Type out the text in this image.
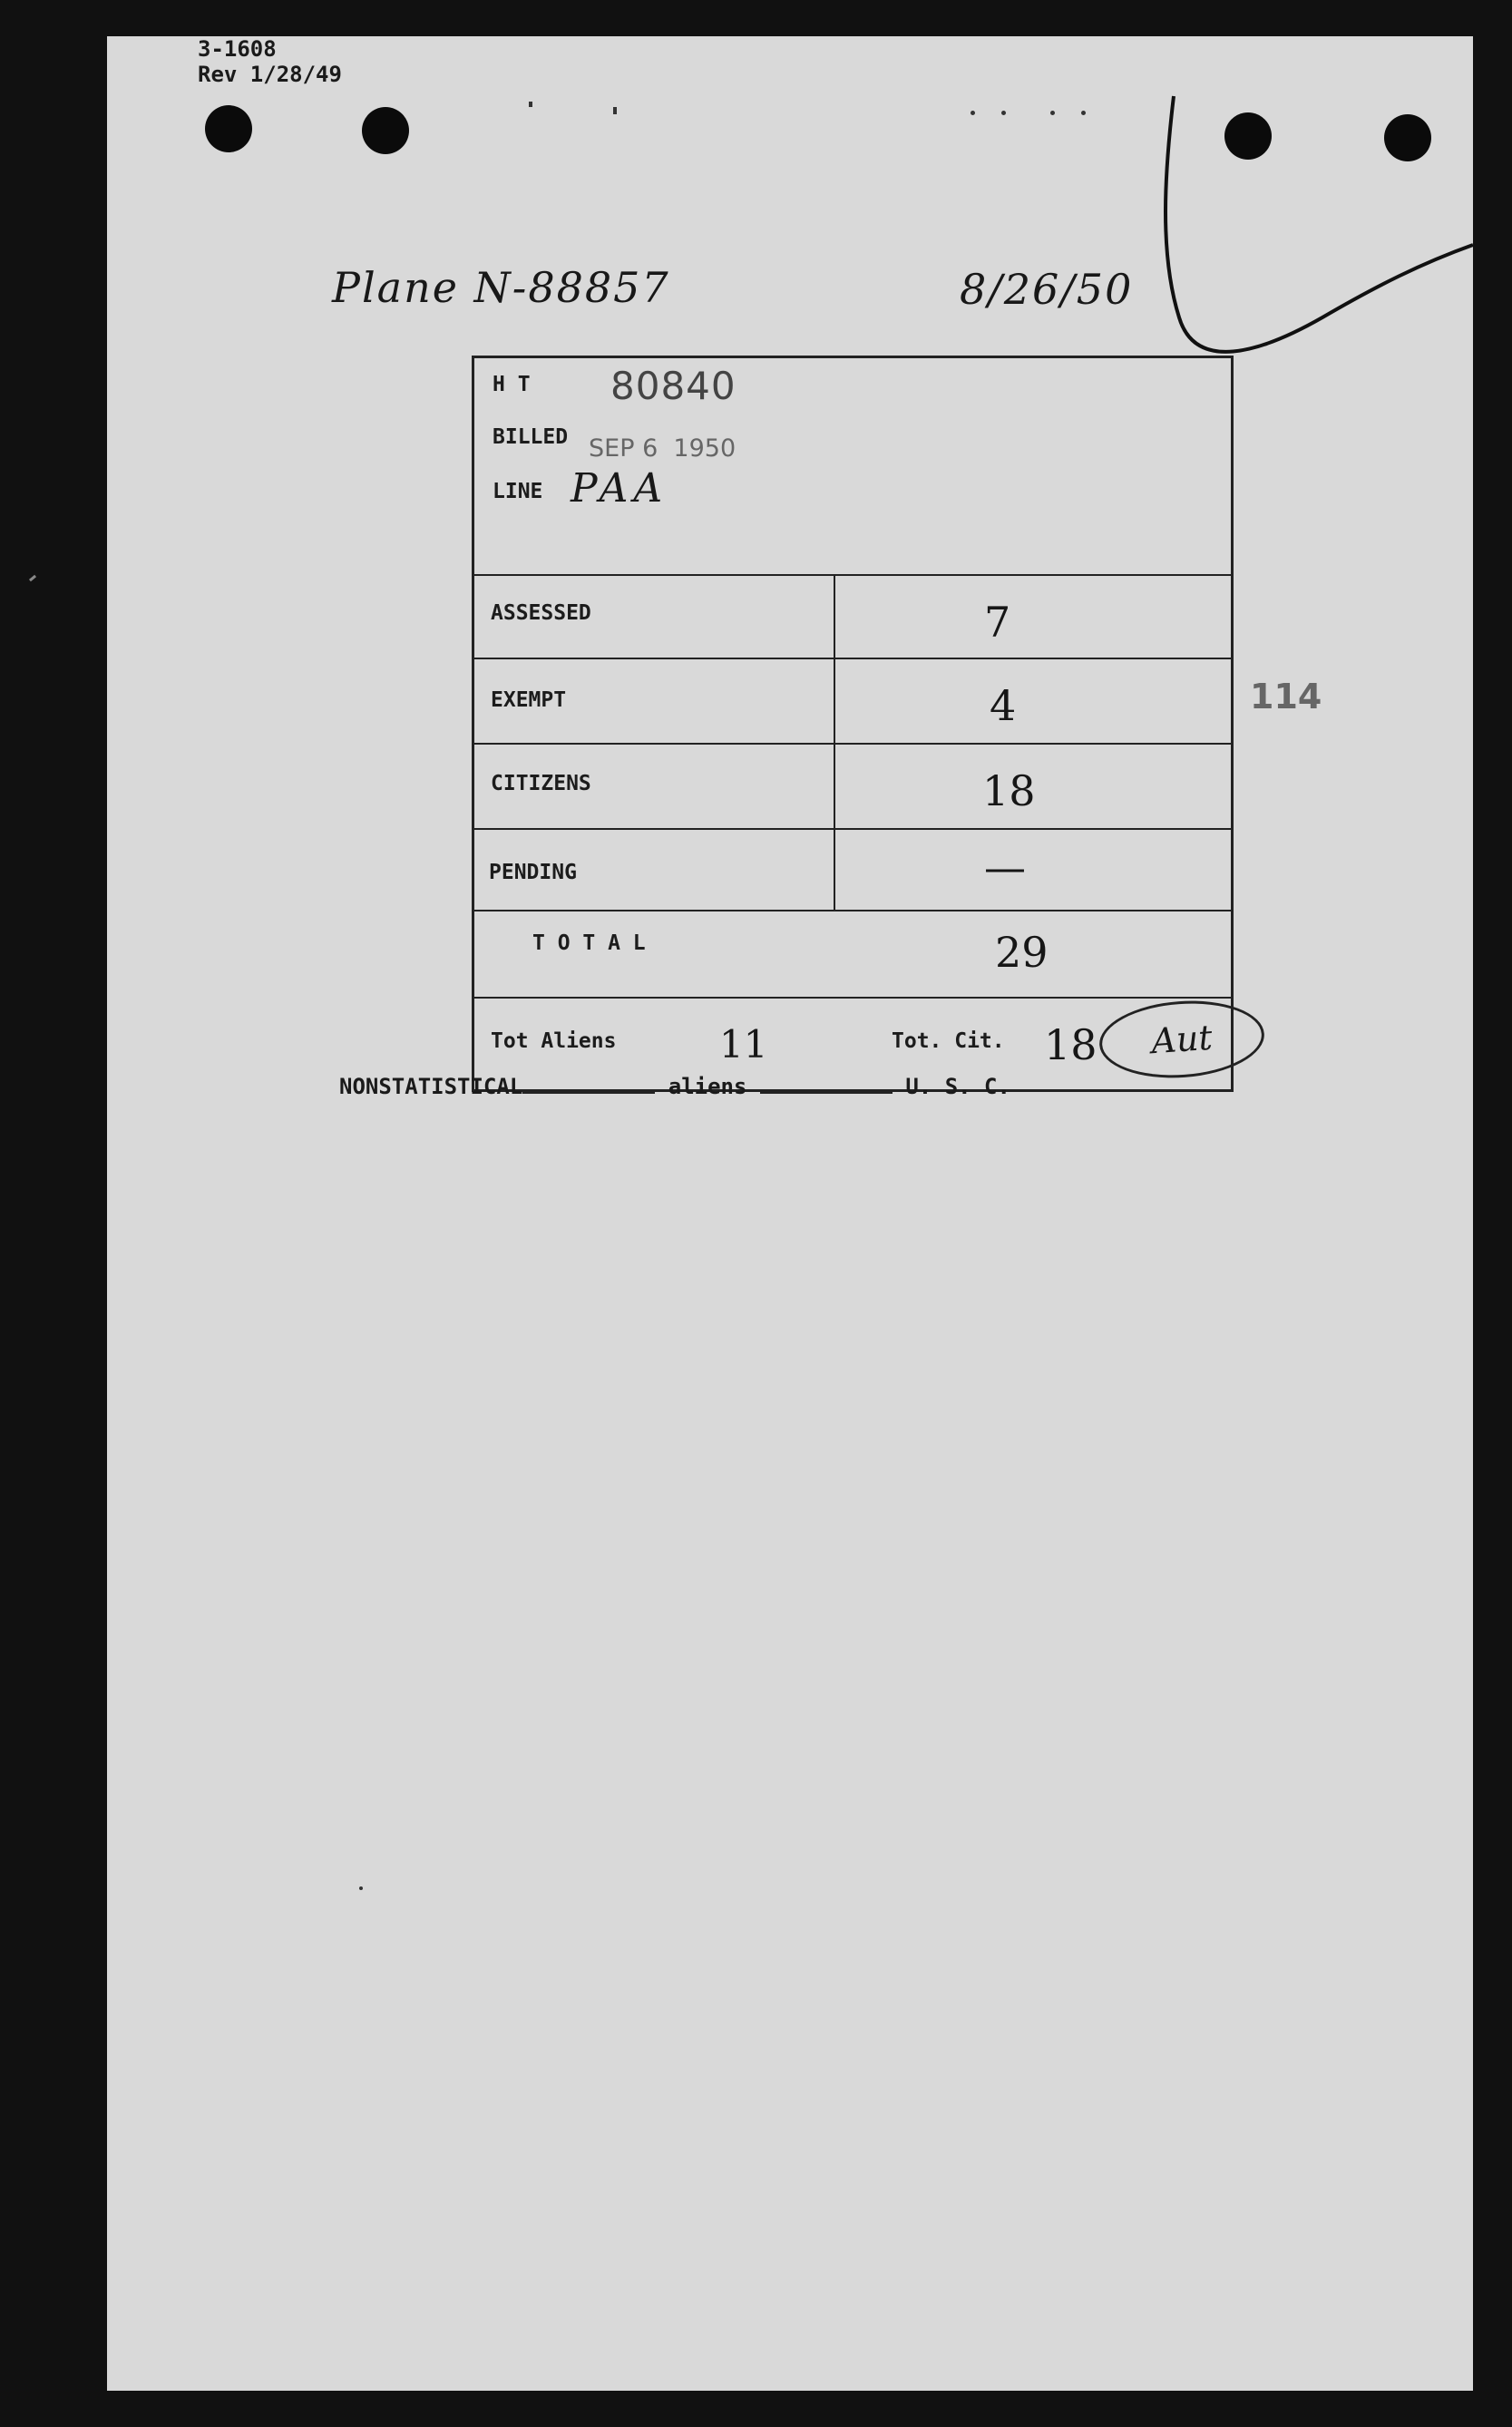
3-1608
Rev 1/28/49
Plane N-88857	8/26/50
114
H T 80840
BILLED SEP 6  1950
LINE PAA
ASSESSED	7
EXEMPT	4
CITIZENS	18
PENDING	—
T O T A L	29
Tot Aliens	11	Tot. Cit. 18 Aut
NONSTATISTICAL	aliens	U. S. C.
